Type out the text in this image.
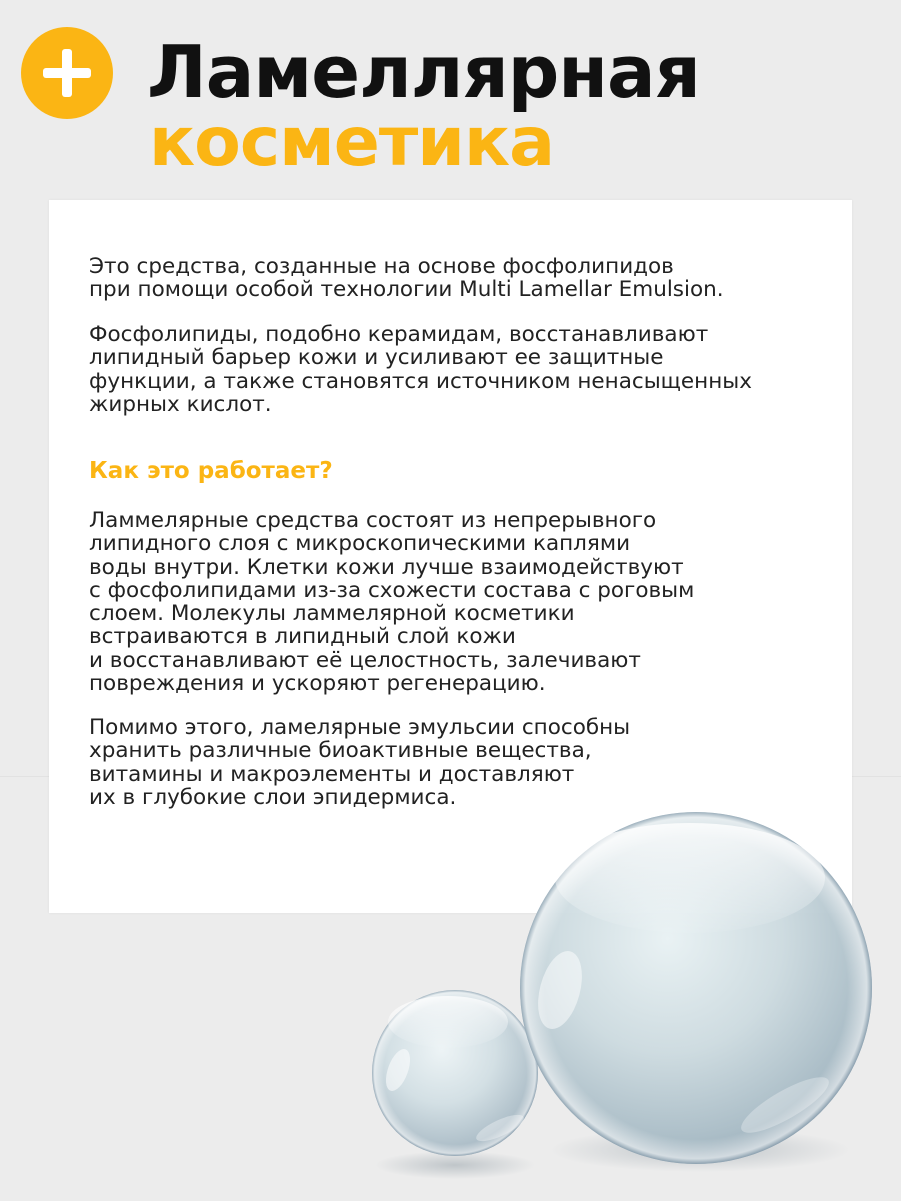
Ламеллярная
косметика

Это средства, созданные на основе фосфолипидов
при помощи особой технологии Multi Lamellar Emulsion.

Фосфолипиды, подобно керамидам, восстанавливают
липидный барьер кожи и усиливают ее защитные
функции, а также становятся источником ненасыщенных
жирных кислот.

Как это работает?

Ламмелярные средства состоят из непрерывного
липидного слоя с микроскопическими каплями
воды внутри. Клетки кожи лучше взаимодействуют
с фосфолипидами из-за схожести состава с роговым
слоем. Молекулы ламмелярной косметики
встраиваются в липидный слой кожи
и восстанавливают её целостность, залечивают
повреждения и ускоряют регенерацию.

Помимо этого, ламелярные эмульсии способны
хранить различные биоактивные вещества,
витамины и макроэлементы и доставляют
их в глубокие слои эпидермиса.
